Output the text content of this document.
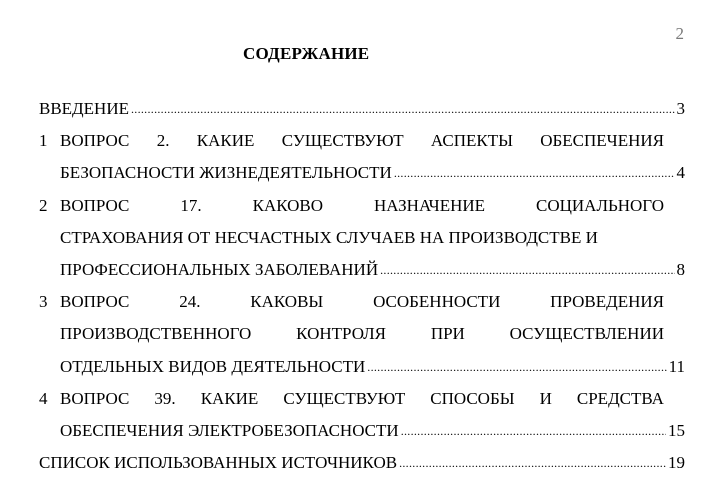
2
СОДЕРЖАНИЕ
ВВЕДЕНИЕ .....	3
1 ВОПРОС 2. КАКИЕ СУЩЕСТВУЮТ АСПЕКТЫ ОБЕСПЕЧЕНИЯ
БЕЗОПАСНОСТИ ЖИЗНЕДЕЯТЕЛЬНОСТИ .....	4
2 ВОПРОС	17.	КАКОВО	НАЗНАЧЕНИЕ	СОЦИАЛЬНОГО
СТРАХОВАНИЯ ОТ НЕСЧАСТНЫХ СЛУЧАЕВ НА ПРОИЗВОДСТВЕ И
ПРОФЕССИОНАЛЬНЫХ ЗАБОЛЕВАНИЙ .....	8
3 ВОПРОС	24.	КАКОВЫ	ОСОБЕННОСТИ	ПРОВЕДЕНИЯ
ПРОИЗВОДСТВЕННОГО	КОНТРОЛЯ	ПРИ	ОСУЩЕСТВЛЕНИИ
ОТДЕЛЬНЫХ ВИДОВ ДЕЯТЕЛЬНОСТИ .....	11
4 ВОПРОС 39. КАКИЕ СУЩЕСТВУЮТ СПОСОБЫ И СРЕДСТВА
ОБЕСПЕЧЕНИЯ ЭЛЕКТРОБЕЗОПАСНОСТИ .....	15
СПИСОК ИСПОЛЬЗОВАННЫХ ИСТОЧНИКОВ .....	19
